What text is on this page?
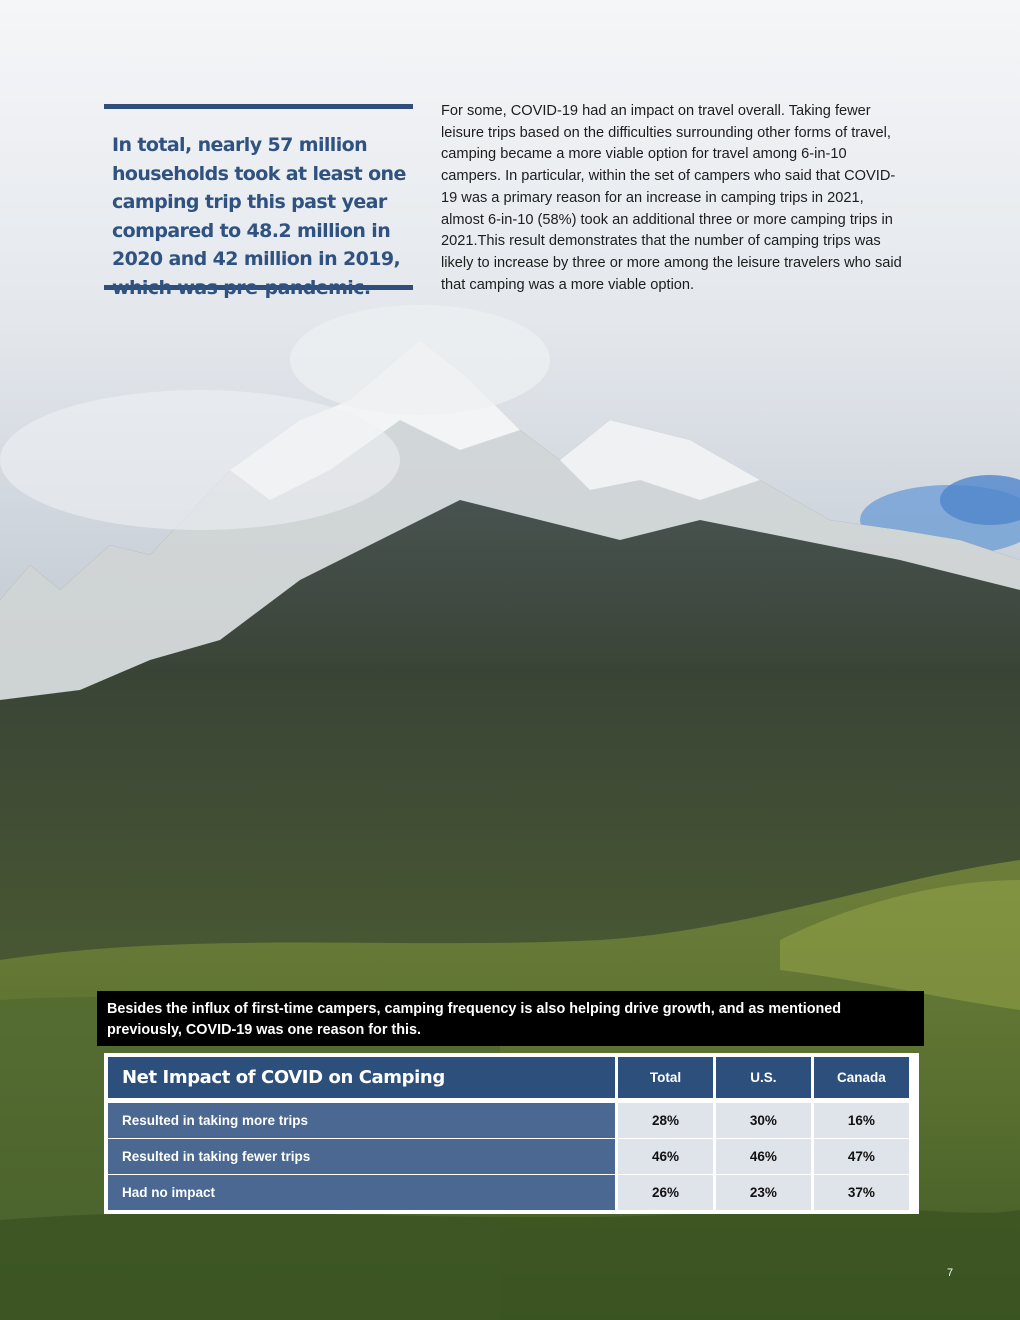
In total, nearly 57 million households took at least one camping trip this past year compared to 48.2 million in 2020 and 42 million in 2019, which was pre-pandemic.

For some, COVID-19 had an impact on travel overall. Taking fewer leisure trips based on the difficulties surrounding other forms of travel, camping became a more viable option for travel among 6-in-10 campers. In particular, within the set of campers who said that COVID-19 was a primary reason for an increase in camping trips in 2021, almost 6-in-10 (58%) took an additional three or more camping trips in 2021.This result demonstrates that the number of camping trips was likely to increase by three or more among the leisure travelers who said that camping was a more viable option.

Besides the influx of first-time campers, camping frequency is also helping drive growth, and as mentioned previously, COVID-19 was one reason for this.
Net Impact of COVID on Camping	Total	U.S.	Canada

Resulted in taking more trips	28%	30%	16%
Resulted in taking fewer trips	46%	46%	47%
Had no impact	26%	23%	37%
7
